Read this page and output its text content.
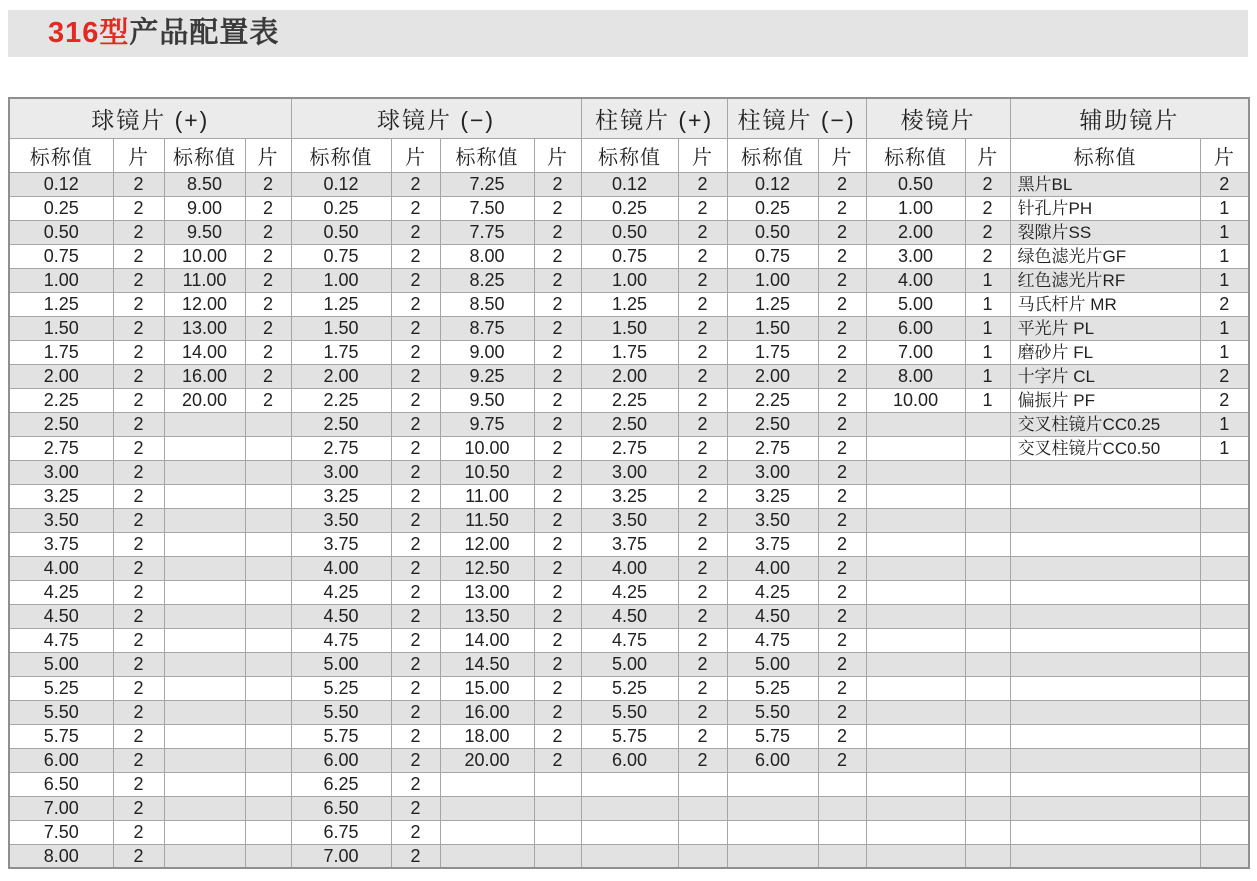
316型产品配置表
球镜片 (+)				球镜片 (−)				柱镜片 (+)		柱镜片 (−)		棱镜片		辅助镜片	
标称值	片	标称值	片	标称值	片	标称值	片	标称值	片	标称值	片	标称值	片	标称值	片
0.12	2	8.50	2	0.12	2	7.25	2	0.12	2	0.12	2	0.50	2	黑片BL	2
0.25	2	9.00	2	0.25	2	7.50	2	0.25	2	0.25	2	1.00	2	针孔片PH	1
0.50	2	9.50	2	0.50	2	7.75	2	0.50	2	0.50	2	2.00	2	裂隙片SS	1
0.75	2	10.00	2	0.75	2	8.00	2	0.75	2	0.75	2	3.00	2	绿色滤光片GF	1
1.00	2	11.00	2	1.00	2	8.25	2	1.00	2	1.00	2	4.00	1	红色滤光片RF	1
1.25	2	12.00	2	1.25	2	8.50	2	1.25	2	1.25	2	5.00	1	马氏杆片 MR	2
1.50	2	13.00	2	1.50	2	8.75	2	1.50	2	1.50	2	6.00	1	平光片 PL	1
1.75	2	14.00	2	1.75	2	9.00	2	1.75	2	1.75	2	7.00	1	磨砂片 FL	1
2.00	2	16.00	2	2.00	2	9.25	2	2.00	2	2.00	2	8.00	1	十字片 CL	2
2.25	2	20.00	2	2.25	2	9.50	2	2.25	2	2.25	2	10.00	1	偏振片 PF	2
2.50	2			2.50	2	9.75	2	2.50	2	2.50	2			交叉柱镜片CC0.25	1
2.75	2			2.75	2	10.00	2	2.75	2	2.75	2			交叉柱镜片CC0.50	1
3.00	2			3.00	2	10.50	2	3.00	2	3.00	2				
3.25	2			3.25	2	11.00	2	3.25	2	3.25	2				
3.50	2			3.50	2	11.50	2	3.50	2	3.50	2				
3.75	2			3.75	2	12.00	2	3.75	2	3.75	2				
4.00	2			4.00	2	12.50	2	4.00	2	4.00	2				
4.25	2			4.25	2	13.00	2	4.25	2	4.25	2				
4.50	2			4.50	2	13.50	2	4.50	2	4.50	2				
4.75	2			4.75	2	14.00	2	4.75	2	4.75	2				
5.00	2			5.00	2	14.50	2	5.00	2	5.00	2				
5.25	2			5.25	2	15.00	2	5.25	2	5.25	2				
5.50	2			5.50	2	16.00	2	5.50	2	5.50	2				
5.75	2			5.75	2	18.00	2	5.75	2	5.75	2				
6.00	2			6.00	2	20.00	2	6.00	2	6.00	2				
6.50	2			6.25	2										
7.00	2			6.50	2										
7.50	2			6.75	2										
8.00	2			7.00	2										
